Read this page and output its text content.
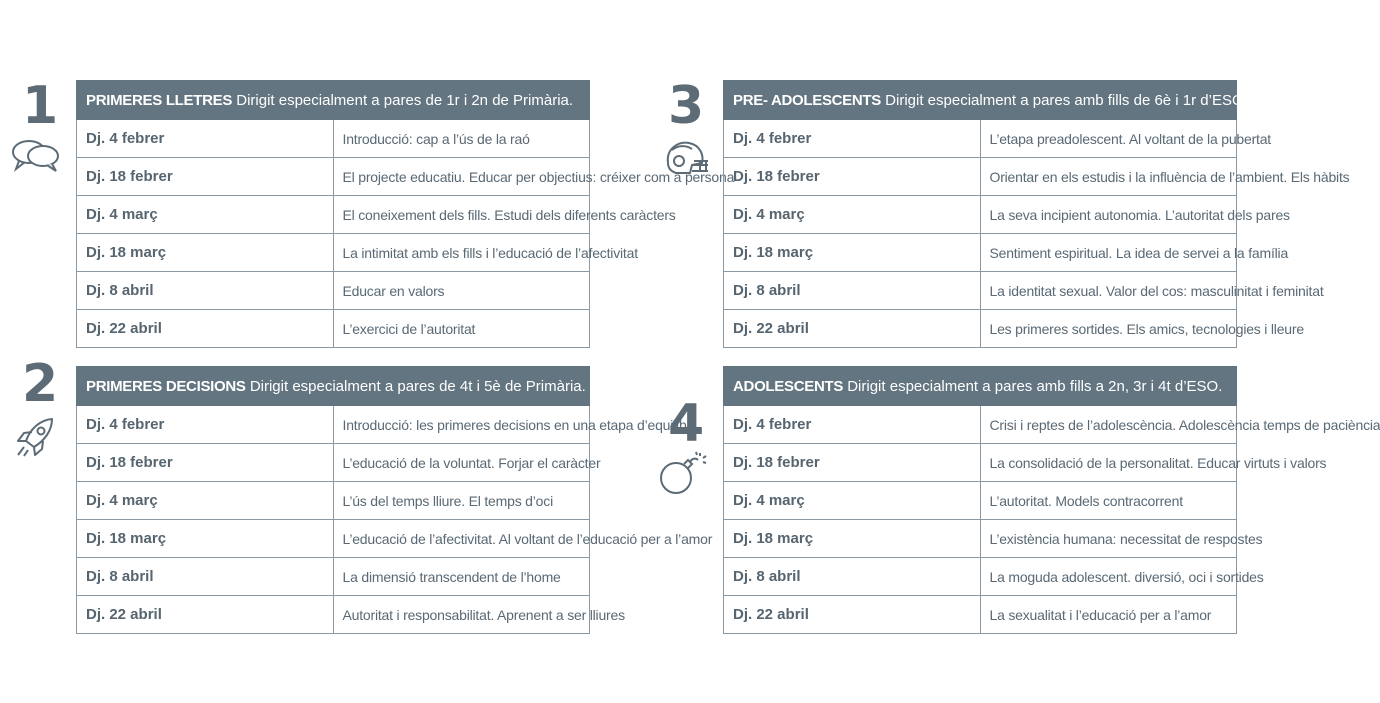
1 PRIMERES LLETRES Dirigit especialment a pares de 1r i 2n de Primària.	
Dj. 4 febrer	Introducció: cap a l’ús de la raó
Dj. 18 febrer	El projecte educatiu. Educar per objectius: créixer com a persona
Dj. 4 març	El coneixement dels fills. Estudi dels diferents caràcters
Dj. 18 març	La intimitat amb els fills i l’educació de l’afectivitat
Dj. 8 abril	Educar en valors
Dj. 22 abril	L’exercici de l’autoritat
2 PRIMERES DECISIONS Dirigit especialment a pares de 4t i 5è de Primària.	
Dj. 4 febrer	Introducció: les primeres decisions en una etapa d’equilibri
Dj. 18 febrer	L’educació de la voluntat. Forjar el caràcter
Dj. 4 març	L’ús del temps lliure. El temps d’oci
Dj. 18 març	L’educació de l’afectivitat. Al voltant de l’educació per a l’amor
Dj. 8 abril	La dimensió transcendent de l’home
Dj. 22 abril	Autoritat i responsabilitat. Aprenent a ser lliures
3 PRE- ADOLESCENTS Dirigit especialment a pares amb fills de 6è i 1r d’ESO.	
Dj. 4 febrer	L’etapa preadolescent. Al voltant de la pubertat
Dj. 18 febrer	Orientar en els estudis i la influència de l’ambient. Els hàbits
Dj. 4 març	La seva incipient autonomia. L’autoritat dels pares
Dj. 18 març	Sentiment espiritual. La idea de servei a la família
Dj. 8 abril	La identitat sexual. Valor del cos: masculinitat i feminitat
Dj. 22 abril	Les primeres sortides. Els amics, tecnologies i lleure
4
ADOLESCENTS Dirigit especialment a pares amb fills a 2n, 3r i 4t d’ESO.	
Dj. 4 febrer	Crisi i reptes de l’adolescència. Adolescència temps de paciència
Dj. 18 febrer	La consolidació de la personalitat. Educar virtuts i valors
Dj. 4 març	L’autoritat. Models contracorrent
Dj. 18 març	L’existència humana: necessitat de respostes
Dj. 8 abril	La moguda adolescent. diversió, oci i sortides
Dj. 22 abril	La sexualitat i l’educació per a l’amor
